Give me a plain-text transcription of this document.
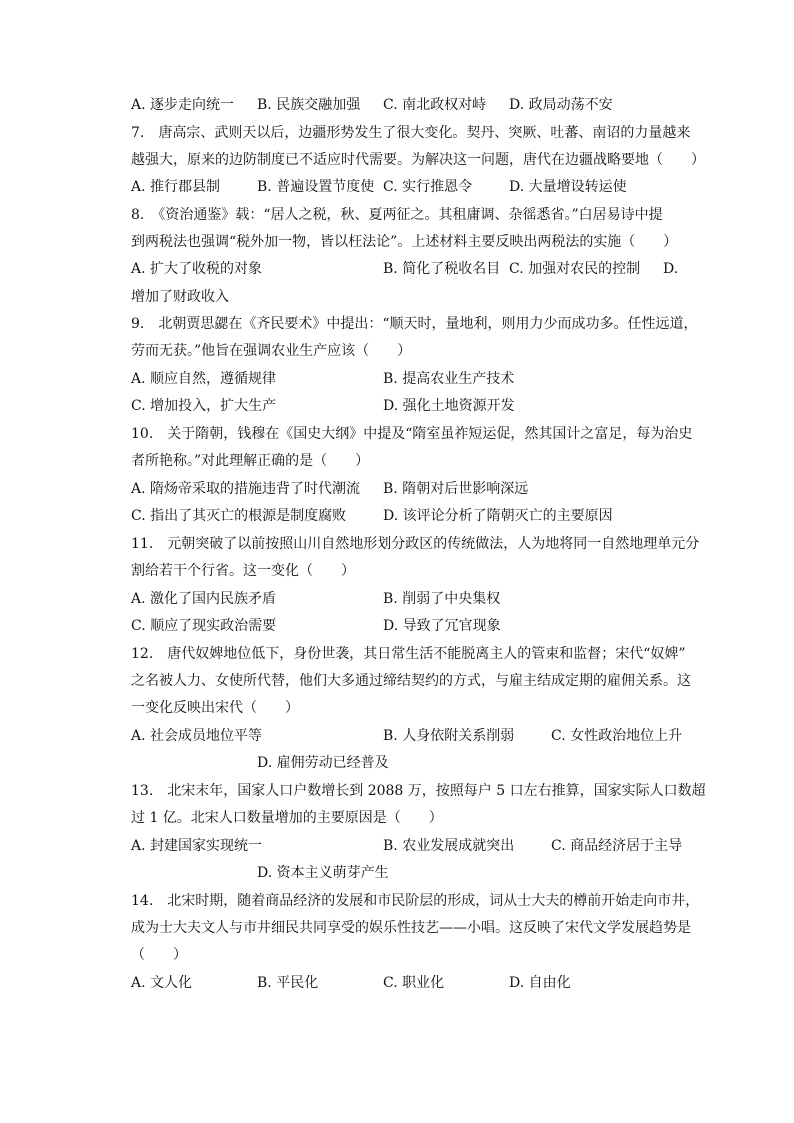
A. 逐步走向统一 B. 民族交融加强 C. 南北政权对峙 D. 政局动荡不安
7.　唐高宗、武则天以后，边疆形势发生了很大变化。契丹、突厥、吐蕃、南诏的力量越来
越强大，原来的边防制度已不适应时代需要。为解决这一问题，唐代在边疆战略要地（　　）
A. 推行郡县制	B. 普遍设置节度使 C. 实行推恩令	D. 大量增设转运使
8.　《资治通鉴》载：“居人之税，秋、夏两征之。其租庸调、杂徭悉省。”白居易诗中提
到两税法也强调“税外加一物，皆以枉法论”。上述材料主要反映出两税法的实施（　　）
A. 扩大了收税的对象	B. 简化了税收名目 C. 加强对农民的控制 D.
增加了财政收入
9.　北朝贾思勰在《齐民要术》中提出：“顺天时，量地利，则用力少而成功多。任性远道，
劳而无获。”他旨在强调农业生产应该（　　）
A. 顺应自然，遵循规律	B. 提高农业生产技术
C. 增加投入，扩大生产	D. 强化土地资源开发
10.　关于隋朝，钱穆在《国史大纲》中提及“隋室虽祚短运促，然其国计之富足，每为治史
者所艳称。”对此理解正确的是（　　）
A. 隋炀帝采取的措施违背了时代潮流 B. 隋朝对后世影响深远
C. 指出了其灭亡的根源是制度腐败	D. 该评论分析了隋朝灭亡的主要原因
11.　元朝突破了以前按照山川自然地形划分政区的传统做法，人为地将同一自然地理单元分
割给若干个行省。这一变化（　　）
A. 激化了国内民族矛盾	B. 削弱了中央集权
C. 顺应了现实政治需要	D. 导致了冗官现象
12.　唐代奴婢地位低下，身份世袭，其日常生活不能脱离主人的管束和监督；宋代“奴婢”
之名被人力、女使所代替，他们大多通过缔结契约的方式，与雇主结成定期的雇佣关系。这
一变化反映出宋代（　　）
A. 社会成员地位平等	B. 人身依附关系削弱	C. 女性政治地位上升
D. 雇佣劳动已经普及
13.　北宋末年，国家人口户数增长到 2088 万，按照每户 5 口左右推算，国家实际人口数超
过 1 亿。北宋人口数量增加的主要原因是（　　）
A. 封建国家实现统一	B. 农业发展成就突出	C. 商品经济居于主导
D. 资本主义萌芽产生
14.　北宋时期，随着商品经济的发展和市民阶层的形成，词从士大夫的樽前开始走向市井，
成为士大夫文人与市井细民共同享受的娱乐性技艺——小唱。这反映了宋代文学发展趋势是
（　　）
A. 文人化	B. 平民化	C. 职业化	D. 自由化
